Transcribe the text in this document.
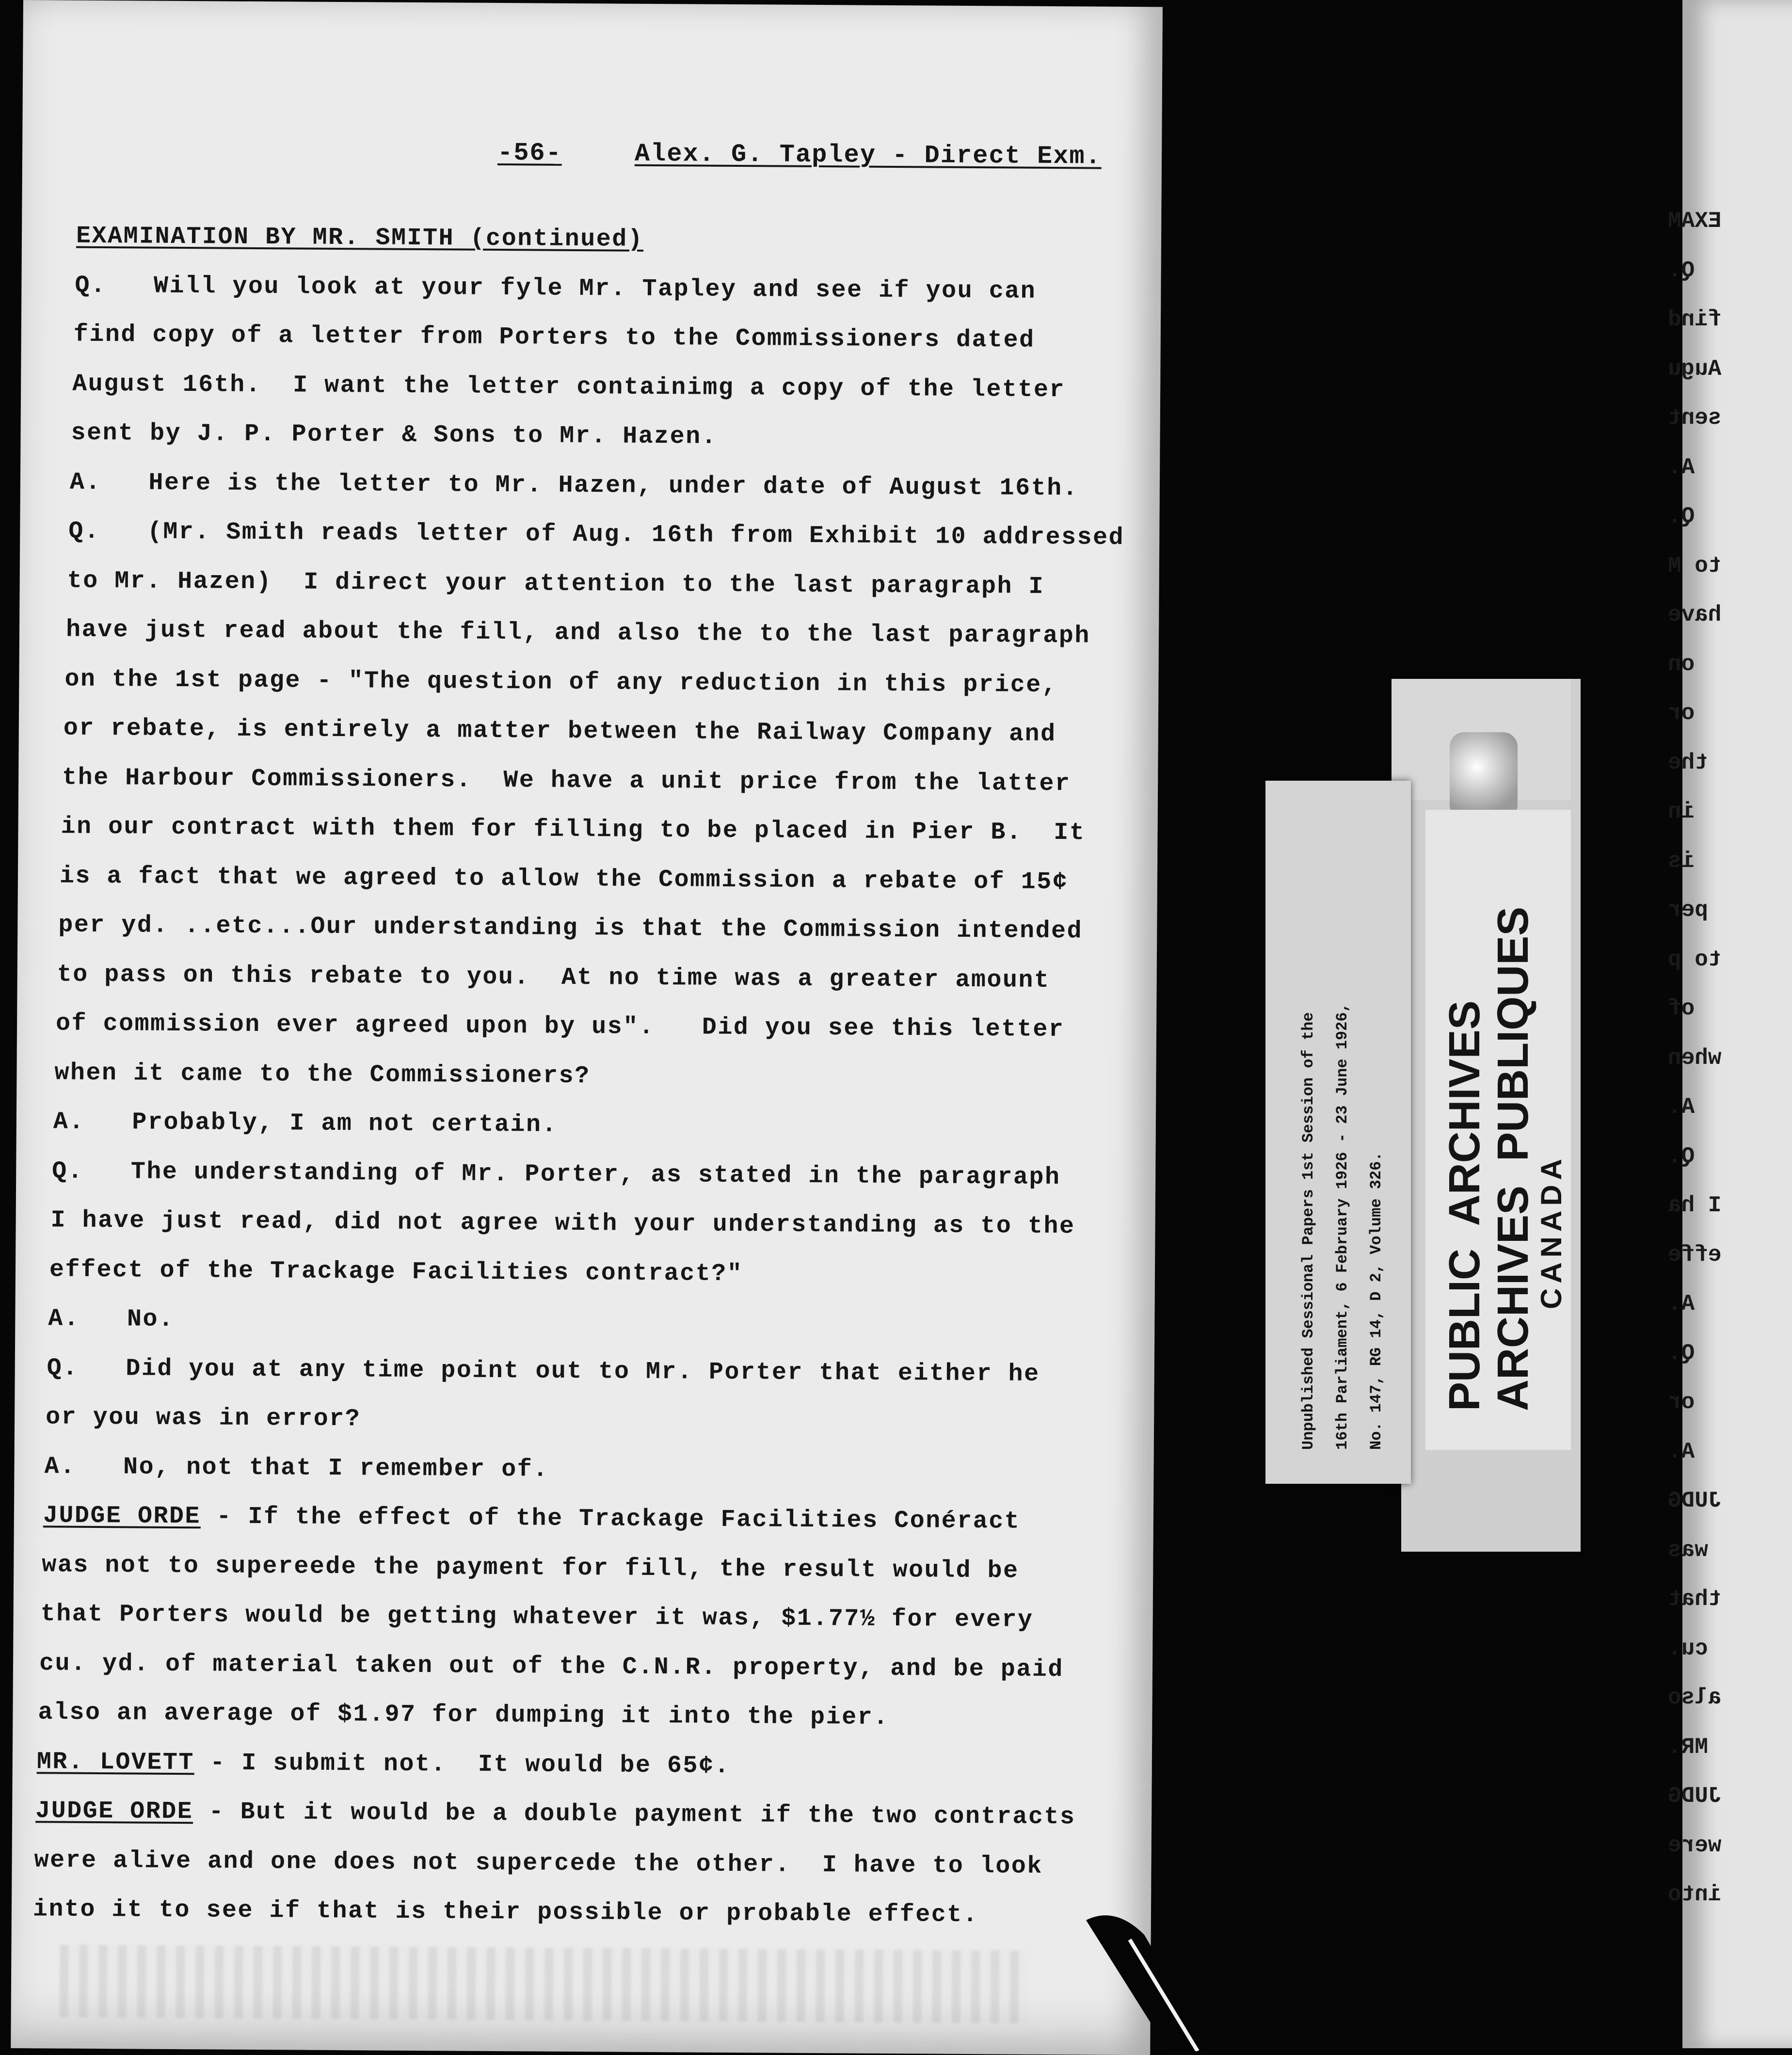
-56-	Alex. G. Tapley - Direct Exm.
EXAMINATION BY MR. SMITH (continued)
Q.   Will you look at your fyle Mr. Tapley and see if you can
find copy of a letter from Porters to the Commissioners dated
August 16th.  I want the letter containimg a copy of the letter
sent by J. P. Porter & Sons to Mr. Hazen.
A.   Here is the letter to Mr. Hazen, under date of August 16th.
Q.   (Mr. Smith reads letter of Aug. 16th from Exhibit 10 addressed
to Mr. Hazen)  I direct your attention to the last paragraph I
have just read about the fill, and also the to the last paragraph
on the 1st page - "The question of any reduction in this price,
or rebate, is entirely a matter between the Railway Company and
the Harbour Commissioners.  We have a unit price from the latter
in our contract with them for filling to be placed in Pier B.  It
is a fact that we agreed to allow the Commission a rebate of 15¢
per yd. ..etc...Our understanding is that the Commission intended
to pass on this rebate to you.  At no time was a greater amount
of commission ever agreed upon by us".   Did you see this letter
when it came to the Commissioners?
A.   Probably, I am not certain.
Q.   The understanding of Mr. Porter, as stated in the paragraph
I have just read, did not agree with your understanding as to the
effect of the Trackage Facilities contract?"
A.   No.
Q.   Did you at any time point out to Mr. Porter that either he
or you was in error?
A.   No, not that I remember of.
JUDGE ORDE - If the effect of the Trackage Facilities Conéract
was not to supereede the payment for fill, the result would be
that Porters would be getting whatever it was, $1.77½ for every
cu. yd. of material taken out of the C.N.R. property, and be paid
also an average of $1.97 for dumping it into the pier.
MR. LOVETT - I submit not.  It would be 65¢.
JUDGE ORDE - But it would be a double payment if the two contracts
were alive and one does not supercede the other.  I have to look
into it to see if that is their possible or probable effect.
EXAM
Q.
find
Augu
sent
A.
Q.
to M
have
on
or
the
in
is
per
to p
of
when
A.
Q.
I ha
effe
A.
Q.
or
A.
JUDG
was
that
cu.
also
MR.
JUDG
were
into
Unpublished Sessional Papers 1st Session of the 16th Parliament, 6 February 1926 - 23 June 1926, No. 147, RG 14, D 2, Volume 326. PUBLIC  ARCHIVES ARCHIVES  PUBLIQUES
CANADA
